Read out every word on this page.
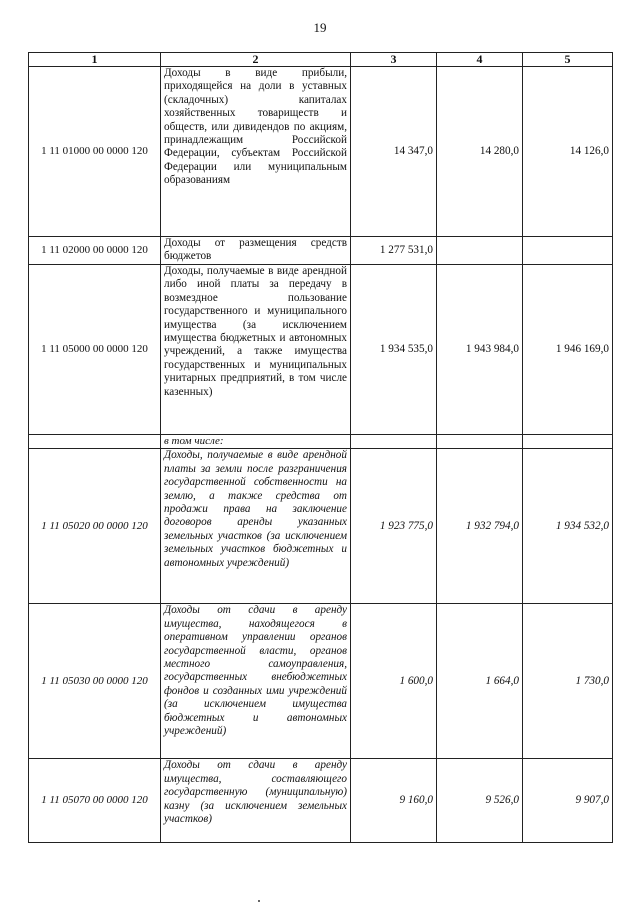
19
1	2	3	4	5
1 11 01000 00 0000 120	Доходы в виде прибыли, приходящейся на доли в уставных (складочных) капиталах хозяйственных товариществ и обществ, или дивидендов по акциям, принадлежащим Российской Федерации, субъектам Российской Федерации или муниципальным образованиям	14 347,0	14 280,0	14 126,0
1 11 02000 00 0000 120	Доходы от размещения средств бюджетов	1 277 531,0		
1 11 05000 00 0000 120	Доходы, получаемые в виде арендной либо иной платы за передачу в возмездное пользование государственного и муниципального имущества (за исключением имущества бюджетных и автономных учреждений, а также имущества государственных и муниципальных унитарных предприятий, в том числе казенных)	1 934 535,0	1 943 984,0	1 946 169,0
	в том числе:			
1 11 05020 00 0000 120	Доходы, получаемые в виде арендной платы за земли после разграничения государственной собственности на землю, а также средства от продажи права на заключение договоров аренды указанных земельных участков (за исключением земельных участков бюджетных и автономных учреждений)	1 923 775,0	1 932 794,0	1 934 532,0
1 11 05030 00 0000 120	Доходы от сдачи в аренду имущества, находящегося в оперативном управлении органов государственной власти, органов местного самоуправления, государственных внебюджетных фондов и созданных ими учреждений (за исключением имущества бюджетных и автономных учреждений)	1 600,0	1 664,0	1 730,0
1 11 05070 00 0000 120	Доходы от сдачи в аренду имущества, составляющего государственную (муниципальную) казну (за исключением земельных участков)	9 160,0	9 526,0	9 907,0
